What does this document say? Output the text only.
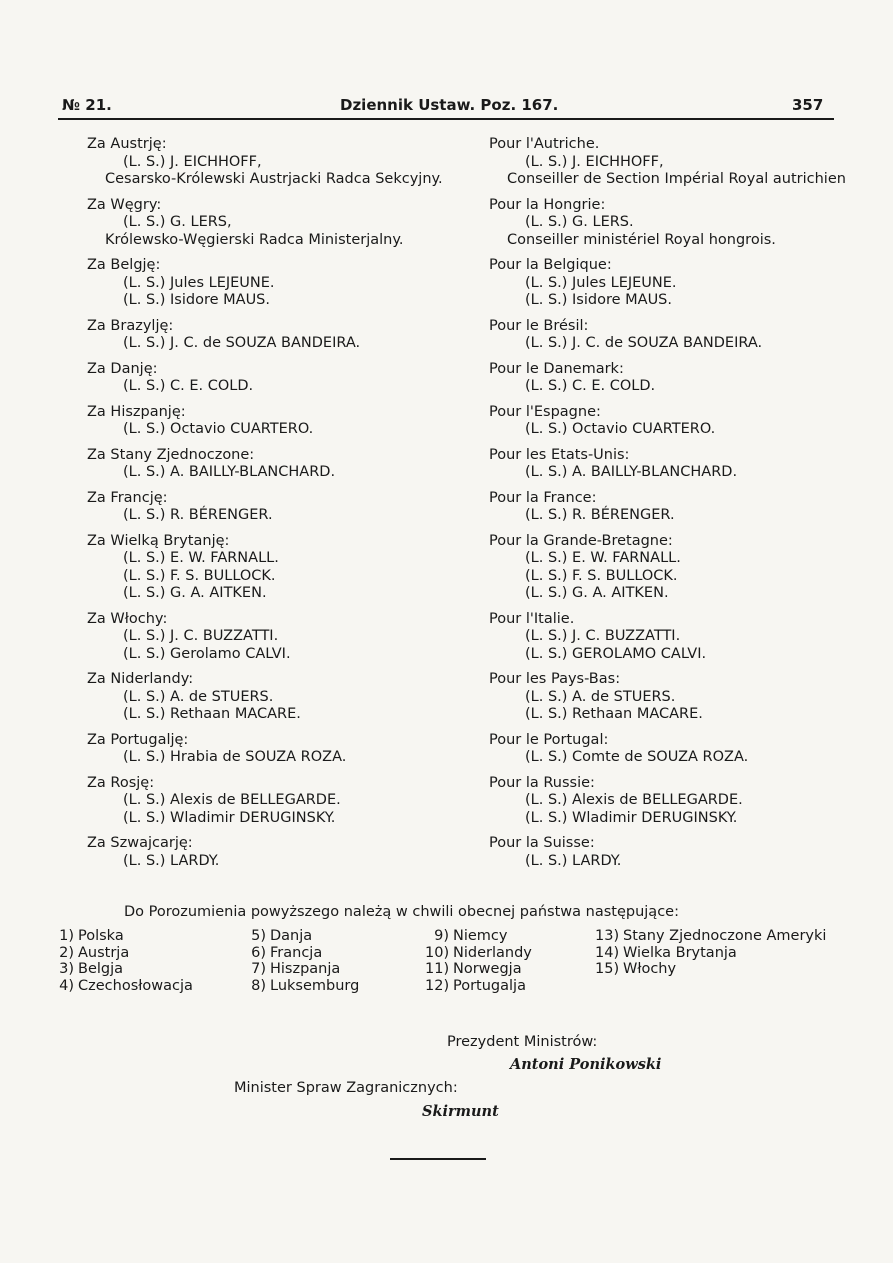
№ 21.	Dziennik Ustaw. Poz. 167.	357
Za Austrję:
(L. S.) J. EICHHOFF,
Cesarsko-Królewski Austrjacki Radca Sekcyjny.
Za Węgry:
(L. S.) G. LERS,
Królewsko-Węgierski Radca Ministerjalny.
Za Belgję:
(L. S.) Jules LEJEUNE.
(L. S.) Isidore MAUS.
Za Brazylję:
(L. S.) J. C. de SOUZA BANDEIRA.
Za Danję:
(L. S.) C. E. COLD.
Za Hiszpanję:
(L. S.) Octavio CUARTERO.
Za Stany Zjednoczone:
(L. S.) A. BAILLY-BLANCHARD.
Za Francję:
(L. S.) R. BÉRENGER.
Za Wielką Brytanję:
(L. S.) E. W. FARNALL.
(L. S.) F. S. BULLOCK.
(L. S.) G. A. AITKEN.
Za Włochy:
(L. S.) J. C. BUZZATTI.
(L. S.) Gerolamo CALVI.
Za Niderlandy:
(L. S.) A. de STUERS.
(L. S.) Rethaan MACARE.
Za Portugalję:
(L. S.) Hrabia de SOUZA ROZA.
Za Rosję:
(L. S.) Alexis de BELLEGARDE.
(L. S.) Wladimir DERUGINSKY.
Za Szwajcarję:
(L. S.) LARDY.
Pour l'Autriche.
(L. S.) J. EICHHOFF,
Conseiller de Section Impérial Royal autrichien
Pour la Hongrie:
(L. S.) G. LERS.
Conseiller ministériel Royal hongrois.
Pour la Belgique:
(L. S.) Jules LEJEUNE.
(L. S.) Isidore MAUS.
Pour le Brésil:
(L. S.) J. C. de SOUZA BANDEIRA.
Pour le Danemark:
(L. S.) C. E. COLD.
Pour l'Espagne:
(L. S.) Octavio CUARTERO.
Pour les Etats-Unis:
(L. S.) A. BAILLY-BLANCHARD.
Pour la France:
(L. S.) R. BÉRENGER.
Pour la Grande-Bretagne:
(L. S.) E. W. FARNALL.
(L. S.) F. S. BULLOCK.
(L. S.) G. A. AITKEN.
Pour l'Italie.
(L. S.) J. C. BUZZATTI.
(L. S.) GEROLAMO CALVI.
Pour les Pays-Bas:
(L. S.) A. de STUERS.
(L. S.) Rethaan MACARE.
Pour le Portugal:
(L. S.) Comte de SOUZA ROZA.
Pour la Russie:
(L. S.) Alexis de BELLEGARDE.
(L. S.) Wladimir DERUGINSKY.
Pour la Suisse:
(L. S.) LARDY.
Do Porozumienia powyższego należą w chwili obecnej państwa następujące:
1) Polska
2) Austrja
3) Belgja
4) Czechosłowacja
5) Danja
6) Francja
7) Hiszpanja
8) Luksemburg
9) Niemcy
10) Niderlandy
11) Norwegja
12) Portugalja
13) Stany Zjednoczone Ameryki
14) Wielka Brytanja
15) Włochy
Prezydent Ministrów:
Antoni Ponikowski
Minister Spraw Zagranicznych:
Skirmunt
